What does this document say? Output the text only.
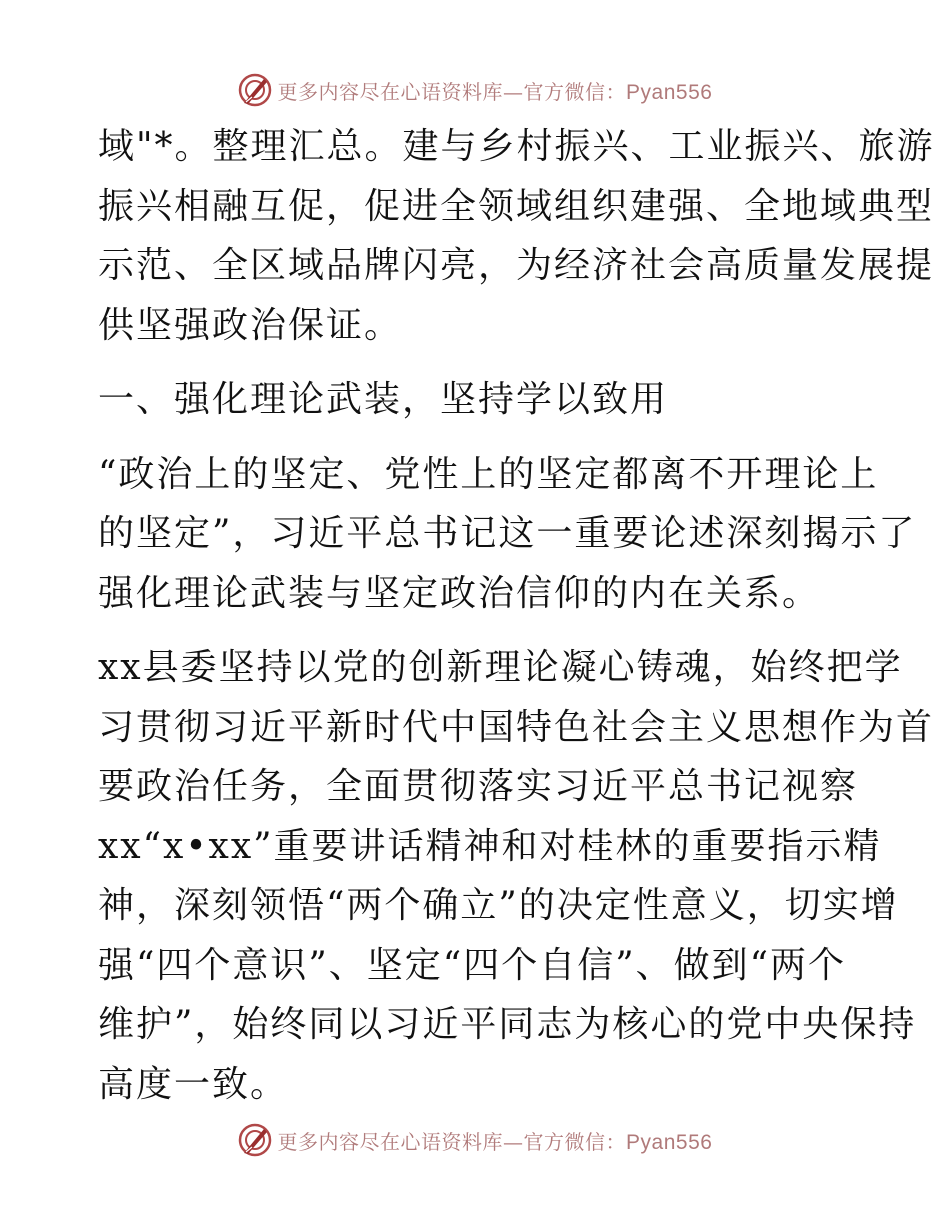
更多内容尽在心语资料库—官方微信：Pyan556

域"*。整理汇总。建与乡村振兴、工业振兴、旅游
振兴相融互促，促进全领域组织建强、全地域典型
示范、全区域品牌闪亮，为经济社会高质量发展提
供坚强政治保证。

一、强化理论武装，坚持学以致用

“政治上的坚定、党性上的坚定都离不开理论上
的坚定”，习近平总书记这一重要论述深刻揭示了
强化理论武装与坚定政治信仰的内在关系。

xx县委坚持以党的创新理论凝心铸魂，始终把学
习贯彻习近平新时代中国特色社会主义思想作为首
要政治任务，全面贯彻落实习近平总书记视察
xx“x•xx”重要讲话精神和对桂林的重要指示精
神，深刻领悟“两个确立”的决定性意义，切实增
强“四个意识”、坚定“四个自信”、做到“两个
维护”，始终同以习近平同志为核心的党中央保持
高度一致。

更多内容尽在心语资料库—官方微信：Pyan556
